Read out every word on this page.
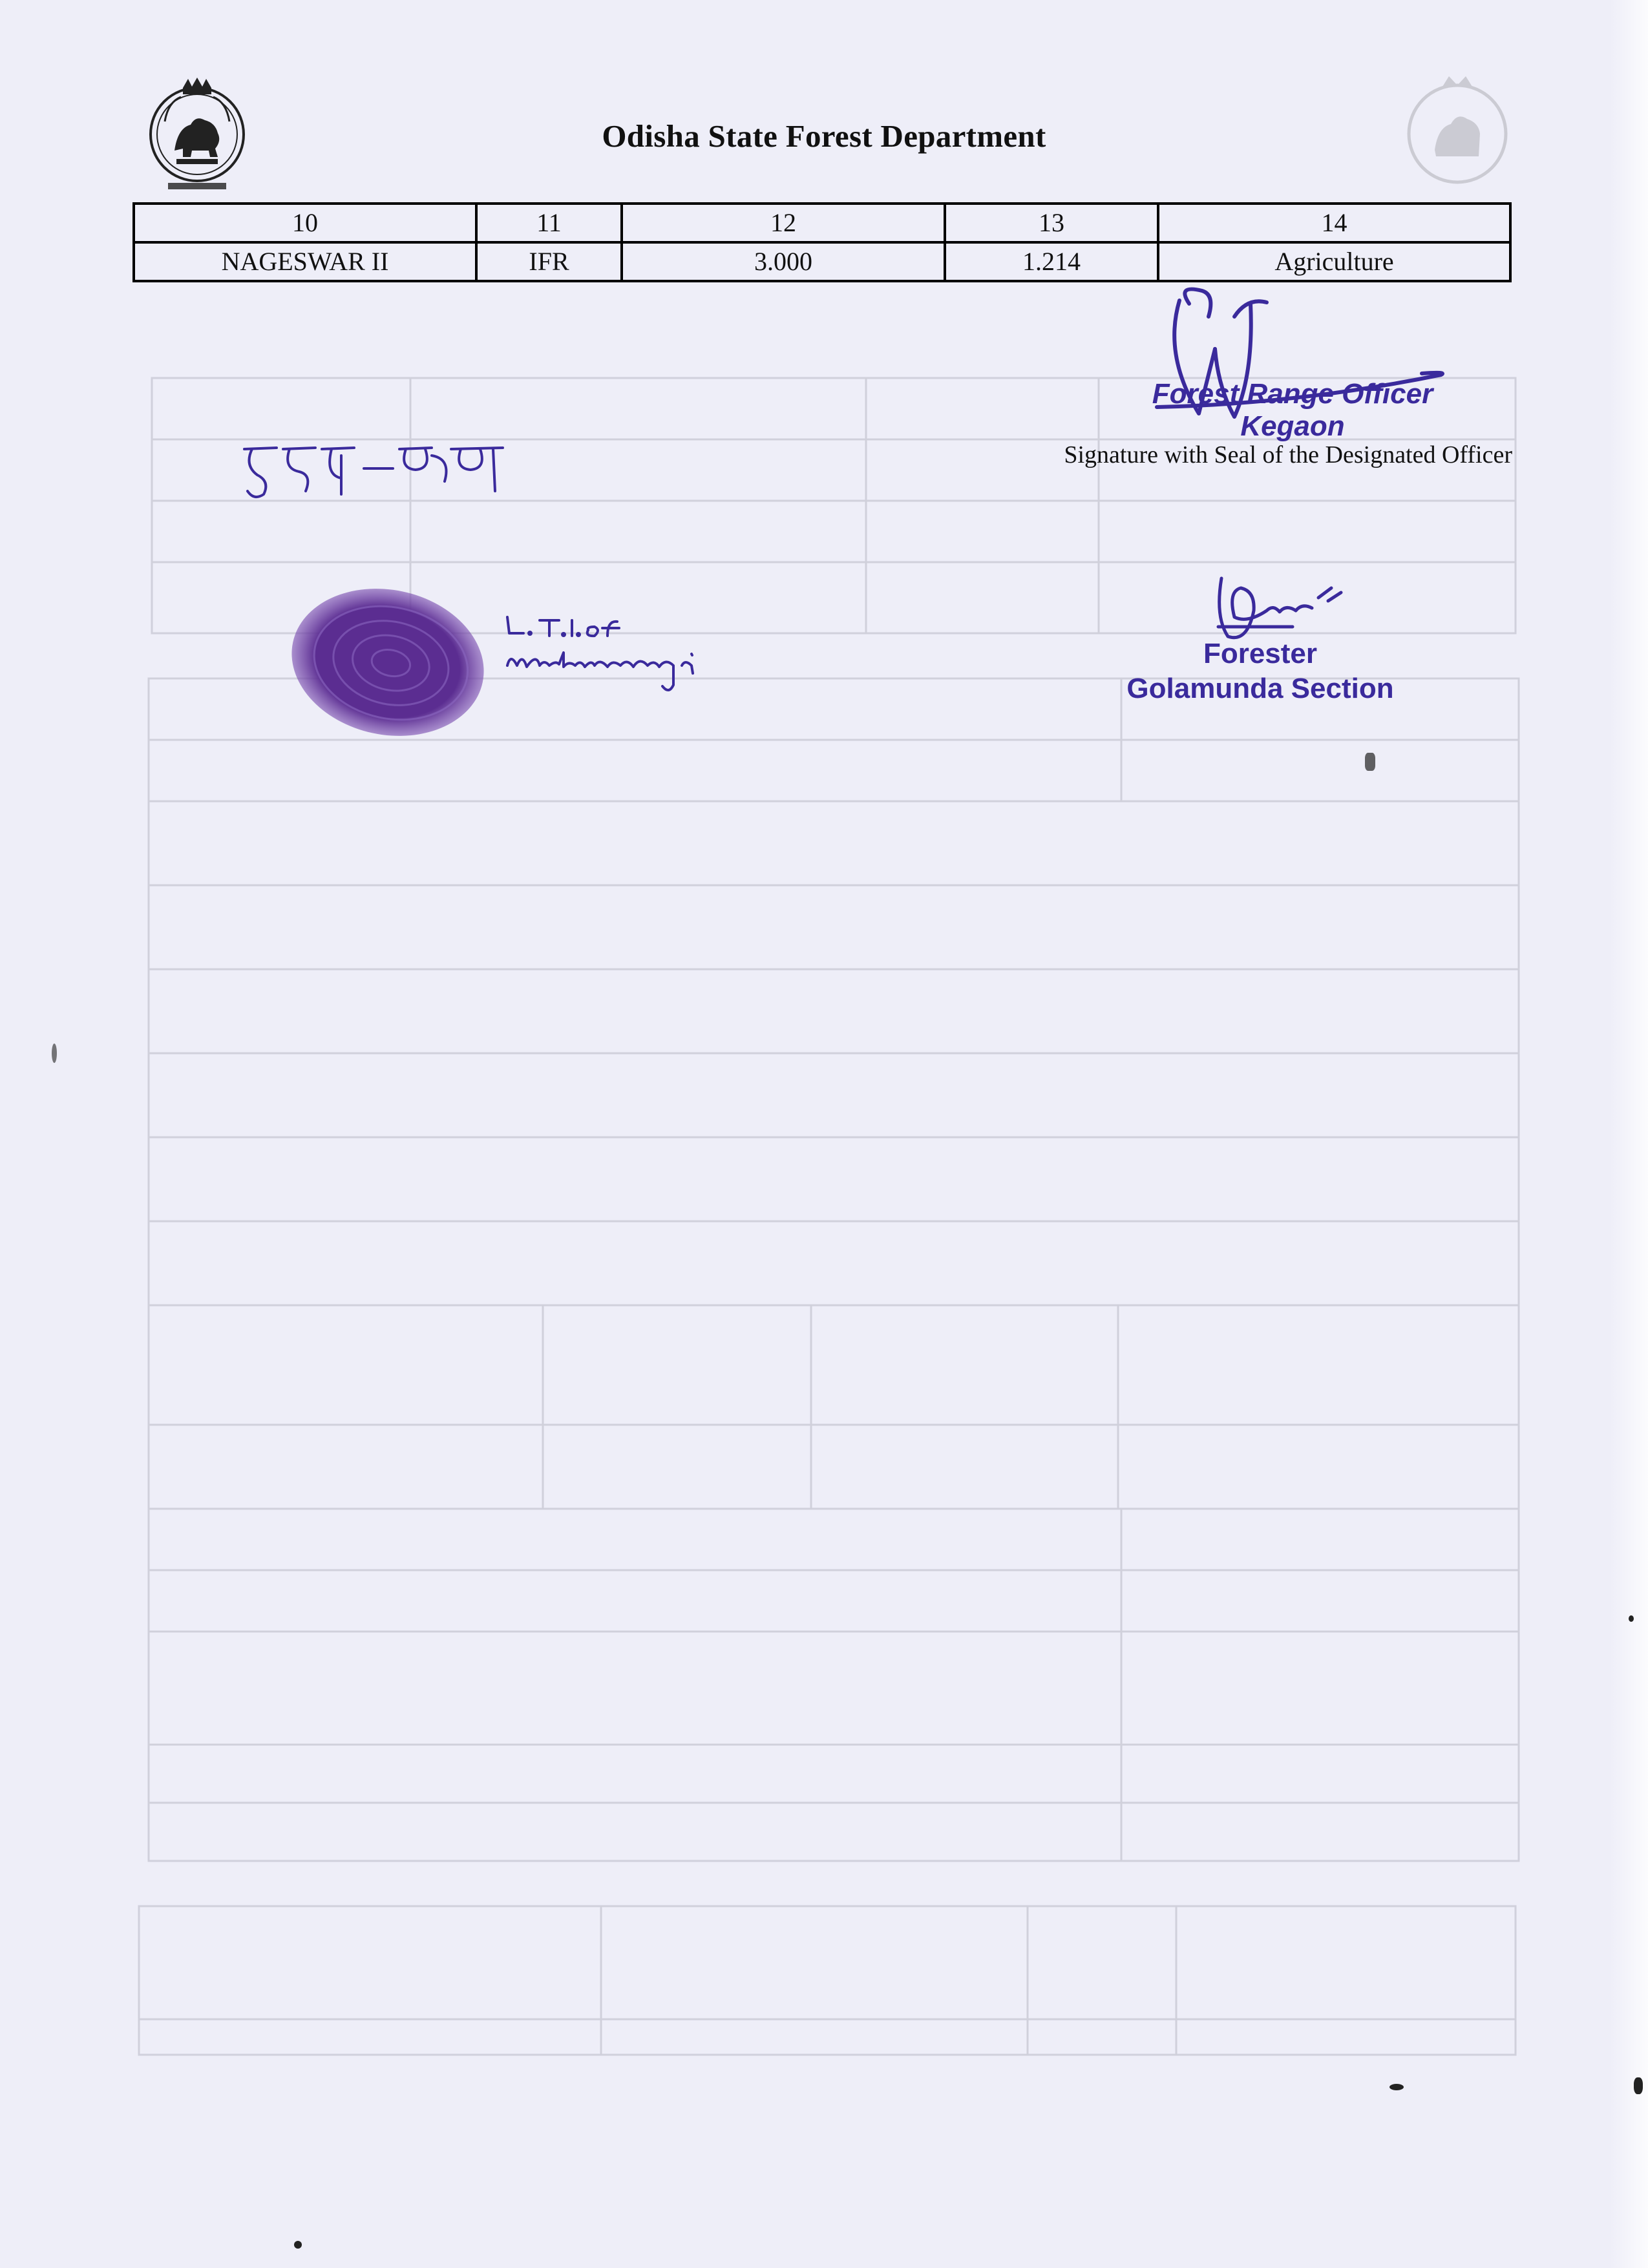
Odisha State Forest Department
10	11	12	13	14
NAGESWAR II	IFR	3.000	1.214	Agriculture
Forest Range Officer
Kegaon
Signature with Seal of the Designated Officer
Forester
Golamunda Section
